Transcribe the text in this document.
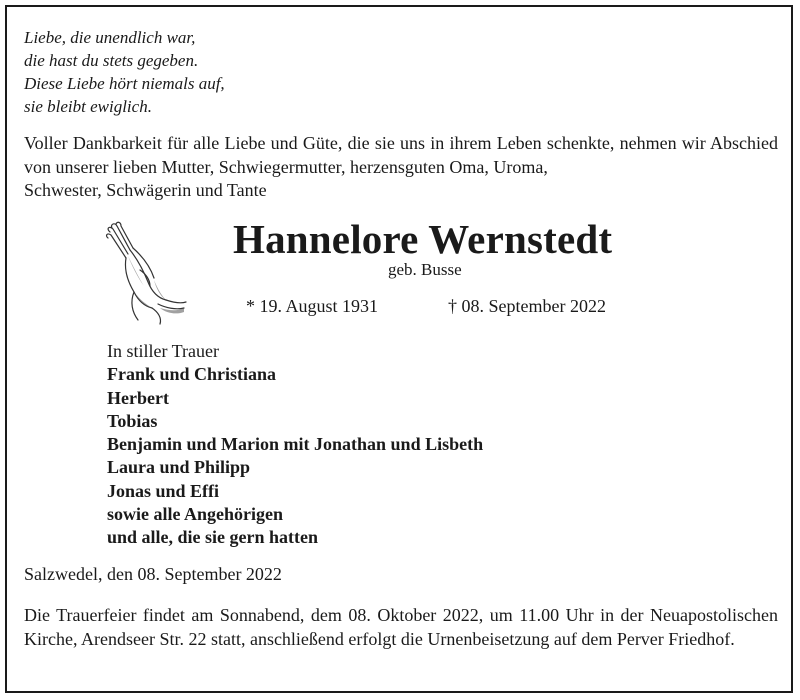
Liebe, die unendlich war,
die hast du stets gegeben.
Diese Liebe hört niemals auf,
sie bleibt ewiglich.
Voller Dankbarkeit für alle Liebe und Güte, die sie uns in ihrem Leben schenkte, nehmen wir Abschied von unserer lieben Mutter, Schwiegermutter, herzensguten Oma, Uroma,
Schwester, Schwägerin und Tante
Hannelore Wernstedt
geb. Busse
* 19. August 1931	† 08. September 2022
In stiller Trauer
Frank und Christiana
Herbert
Tobias
Benjamin und Marion mit Jonathan und Lisbeth
Laura und Philipp
Jonas und Effi
sowie alle Angehörigen
und alle, die sie gern hatten
Salzwedel, den 08. September 2022
Die Trauerfeier findet am Sonnabend, dem 08. Oktober 2022, um 11.00 Uhr in der Neuapostolischen Kirche, Arendseer Str. 22 statt, anschließend erfolgt die Urnenbeisetzung auf dem Perver Friedhof.
